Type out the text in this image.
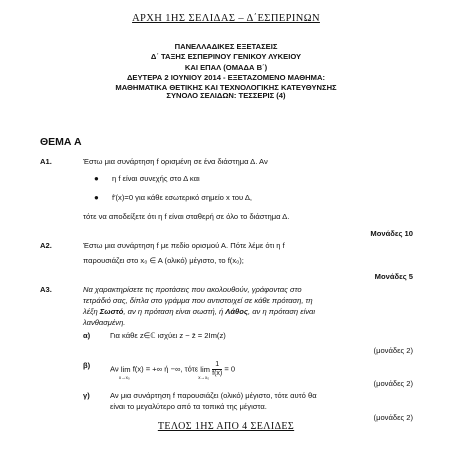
ΑΡΧΗ 1ΗΣ ΣΕΛΙΔΑΣ – Δ΄ΕΣΠΕΡΙΝΩΝ
ΠΑΝΕΛΛΑΔΙΚΕΣ ΕΞΕΤΑΣΕΙΣ
Δ΄ ΤΑΞΗΣ ΕΣΠΕΡΙΝΟΥ ΓΕΝΙΚΟΥ ΛΥΚΕΙΟΥ
ΚΑΙ ΕΠΑΛ (ΟΜΑΔΑ Β΄)
ΔΕΥΤΕΡΑ 2 ΙΟΥΝΙΟΥ 2014 - ΕΞΕΤΑΖΟΜΕΝΟ ΜΑΘΗΜΑ:
ΜΑΘΗΜΑΤΙΚΑ ΘΕΤΙΚΗΣ ΚΑΙ ΤΕΧΝΟΛΟΓΙΚΗΣ ΚΑΤΕΥΘΥΝΣΗΣ
ΣΥΝΟΛΟ ΣΕΛΙΔΩΝ: ΤΕΣΣΕΡΙΣ (4)
ΘΕΜΑ Α
Α1.	Έστω μια συνάρτηση f ορισμένη σε ένα διάστημα Δ. Αν
● η f είναι συνεχής στο Δ και
● f′(x)=0 για κάθε εσωτερικό σημείο x του Δ,
τότε να αποδείξετε ότι η f είναι σταθερή σε όλο το διάστημα Δ.
Μονάδες 10
Α2.	Έστω μια συνάρτηση f με πεδίο ορισμού Α. Πότε λέμε ότι η f
παρουσιάζει στο x₀ ∈ A (ολικό) μέγιστο, το f(x₀);
Μονάδες 5
Α3.	Να χαρακτηρίσετε τις προτάσεις που ακολουθούν, γράφοντας στο
τετράδιό σας, δίπλα στο γράμμα που αντιστοιχεί σε κάθε πρόταση, τη
λέξη Σωστό, αν η πρόταση είναι σωστή, ή Λάθος, αν η πρόταση είναι
λανθασμένη.
α)	Για κάθε z∈ℂ ισχύει z − z̄ = 2Im(z)
(μονάδες 2)
β)	Αν lim
x→x₀
f(x) = +∞ ή −∞, τότε lim
x→x₀
$\frac{1}{f(x)} = 0$
(μονάδες 2)
γ)	Αν μια συνάρτηση f παρουσιάζει (ολικό) μέγιστο, τότε αυτό θα
είναι το μεγαλύτερο από τα τοπικά της μέγιστα.
(μονάδες 2)
ΤΕΛΟΣ 1ΗΣ ΑΠΟ 4 ΣΕΛΙΔΕΣ
